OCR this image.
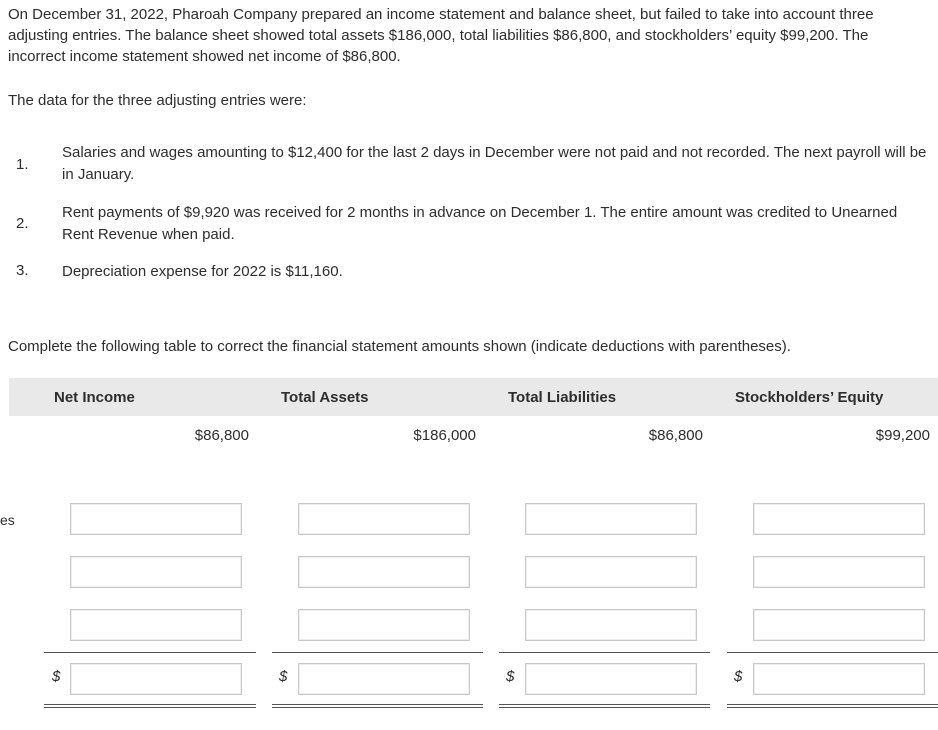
On December 31, 2022, Pharoah Company prepared an income statement and balance sheet, but failed to take into account three adjusting entries. The balance sheet showed total assets $186,000, total liabilities $86,800, and stockholders’ equity $99,200. The incorrect income statement showed net income of $86,800.

The data for the three adjusting entries were:

1.
Salaries and wages amounting to $12,400 for the last 2 days in December were not paid and not recorded. The next payroll will be in January.
2.
Rent payments of $9,920 was received for 2 months in advance on December 1. The entire amount was credited to Unearned Rent Revenue when paid.
3. Depreciation expense for 2022 is $11,160.

Complete the following table to correct the financial statement amounts shown (indicate deductions with parentheses).

Net Income	Total Assets	Total Liabilities	Stockholders’ Equity
$86,800	$186,000	$86,800	$99,200
es
$	$	$	$
